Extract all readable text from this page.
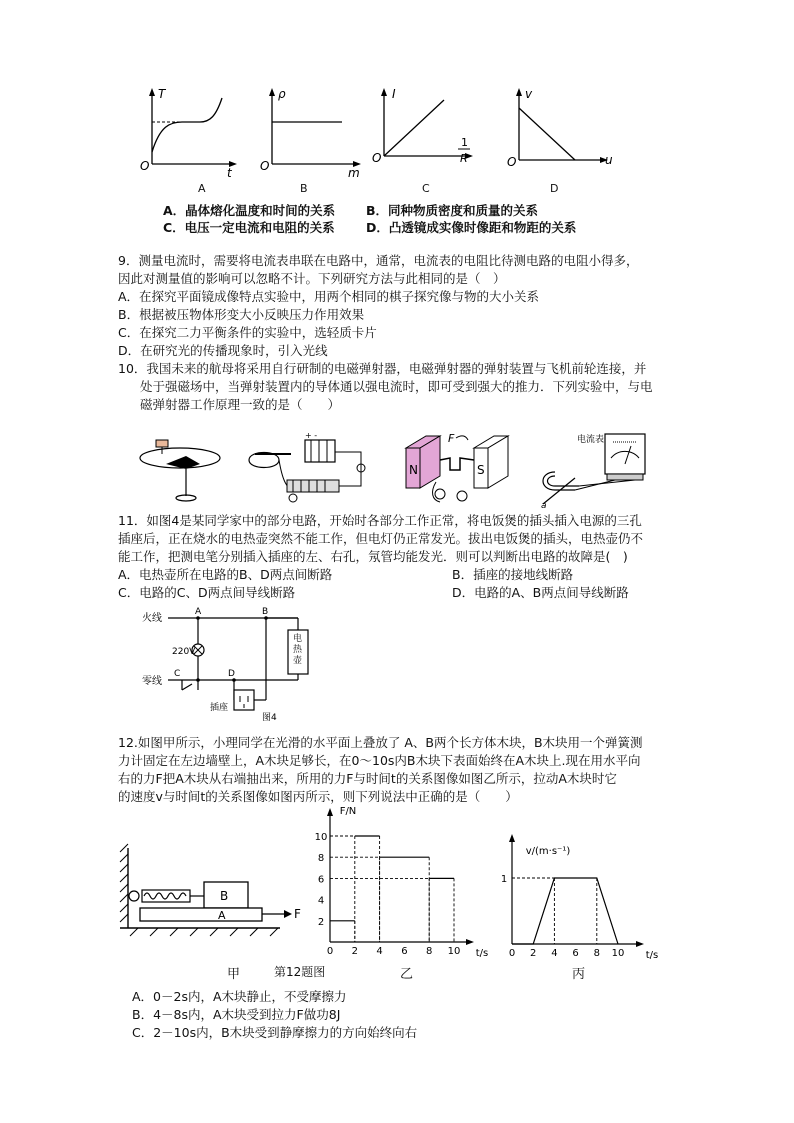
T
t
O
ρ
m
O
I
1
R
O
v
u
O
A	B	C	D
A．晶体熔化温度和时间的关系 B．同种物质密度和质量的关系
C．电压一定电流和电阻的关系	D．凸透镜成实像时像距和物距的关系
9．测量电流时，需要将电流表串联在电路中，通常，电流表的电阻比待测电路的电阻小得多，
因此对测量值的影响可以忽略不计。下列研究方法与此相同的是（　）
A．在探究平面镜成像特点实验中，用两个相同的棋子探究像与物的大小关系
B．根据被压物体形变大小反映压力作用效果
C．在探究二力平衡条件的实验中，选轻质卡片
D．在研究光的传播现象时，引入光线
10．我国未来的航母将采用自行研制的电磁弹射器，电磁弹射器的弹射装置与飞机前轮连接，并
处于强磁场中，当弹射装置内的导体通以强电流时，即可受到强大的推力．下列实验中，与电
磁弹射器工作原理一致的是（　　）
+ -
N	S
F	电流表
a
11．如图4是某同学家中的部分电路，开始时各部分工作正常，将电饭煲的插头插入电源的三孔
插座后，正在烧水的电热壶突然不能工作，但电灯仍正常发光。拔出电饭煲的插头，电热壶仍不
能工作，把测电笔分别插入插座的左、右孔，氖管均能发光．则可以判断出电路的故障是(　)
A．电热壶所在电路的B、D两点间断路	B．插座的接地线断路
C．电路的C、D两点间导线断路	D．电路的A、B两点间导线断路
火线
零线
220V
A	B
C	D
插座
图4
电热壶
12.如图甲所示，小理同学在光滑的水平面上叠放了 A、B两个长方体木块，B木块用一个弹簧测
力计固定在左边墙壁上，A木块足够长，在0～10s内B木块下表面始终在A木块上.现在用水平向
右的力F把A木块从右端抽出来，所用的力F与时间t的关系图像如图乙所示，拉动A木块时它
的速度v与时间t的关系图像如图丙所示，则下列说法中正确的是（　　）
B
A	F
0 2 4 6 8 10
2
4
6
8
10
F/N
t/s 0 2 4 6 8 10
1
v/(m·s⁻¹)
t/s
甲	第12题图	乙	丙
A．0－2s内，A木块静止，不受摩擦力
B．4－8s内，A木块受到拉力F做功8J
C．2－10s内，B木块受到静摩擦力的方向始终向右
